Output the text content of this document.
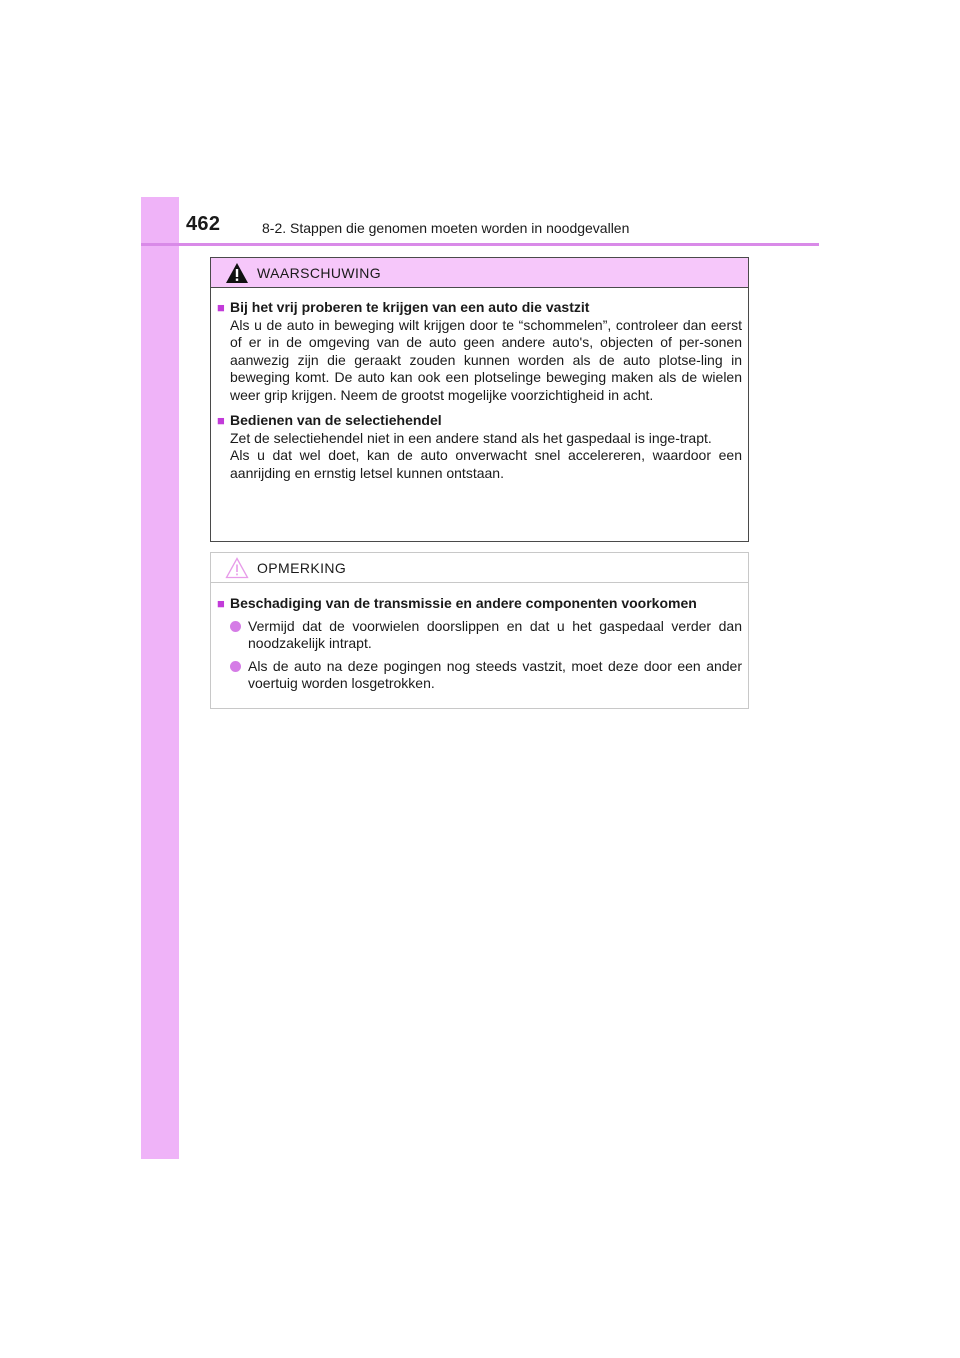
462	8-2. Stappen die genomen moeten worden in noodgevallen
WAARSCHUWING
■ Bij het vrij proberen te krijgen van een auto die vastzit
Als u de auto in beweging wilt krijgen door te “schommelen”, controleer dan eerst of er in de omgeving van de auto geen andere auto's, objecten of per-sonen aanwezig zijn die geraakt zouden kunnen worden als de auto plotse-ling in beweging komt. De auto kan ook een plotselinge beweging maken als de wielen weer grip krijgen. Neem de grootst mogelijke voorzichtigheid in acht.
■ Bedienen van de selectiehendel
Zet de selectiehendel niet in een andere stand als het gaspedaal is inge-trapt.
Als u dat wel doet, kan de auto onverwacht snel accelereren, waardoor een aanrijding en ernstig letsel kunnen ontstaan.
OPMERKING
■ Beschadiging van de transmissie en andere componenten voorkomen
Vermijd dat de voorwielen doorslippen en dat u het gaspedaal verder dan noodzakelijk intrapt.
Als de auto na deze pogingen nog steeds vastzit, moet deze door een ander voertuig worden losgetrokken.
